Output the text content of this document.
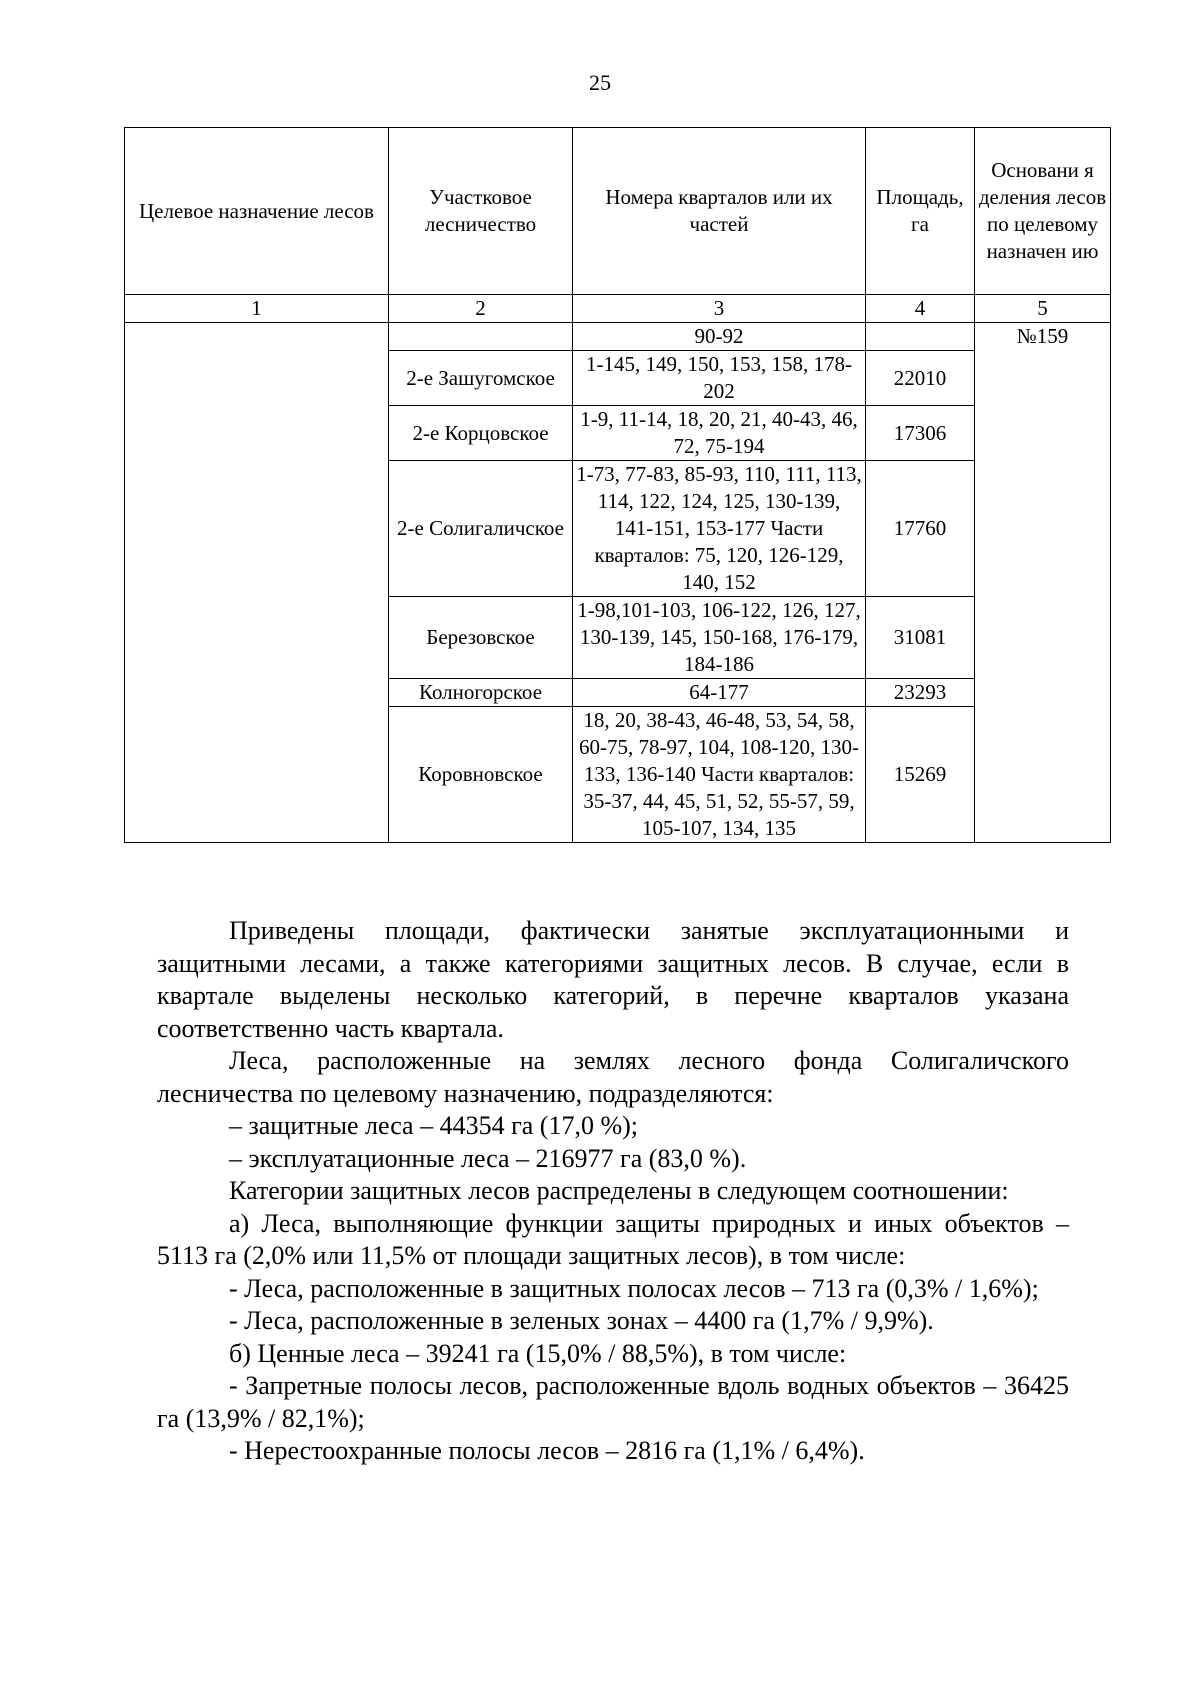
25
Целевое назначение лесов	Участковое лесничество	Номера кварталов или их частей	Площадь, га	Основани я деления лесов по целевому назначен ию
1	2	3	4	5
		90-92		№159
	2-е Зашугомское	1-145, 149, 150, 153, 158, 178-202	22010	
	2-е Корцовское	1-9, 11-14, 18, 20, 21, 40-43, 46, 72, 75-194	17306	
	2-е Солигаличское	1-73, 77-83, 85-93, 110, 111, 113, 114, 122, 124, 125, 130-139, 141-151, 153-177 Части кварталов: 75, 120, 126-129, 140, 152	17760	
	Березовское	1-98,101-103, 106-122, 126, 127, 130-139, 145, 150-168, 176-179, 184-186	31081	
	Колногорское	64-177	23293	
	Коровновское	18, 20, 38-43, 46-48, 53, 54, 58, 60-75, 78-97, 104, 108-120, 130-133, 136-140 Части кварталов: 35-37, 44, 45, 51, 52, 55-57, 59, 105-107, 134, 135	15269	

Приведены площади, фактически занятые эксплуатационными и защитными лесами, а также категориями защитных лесов. В случае, если в квартале выделены несколько категорий, в перечне кварталов указана соответственно часть квартала.

Леса, расположенные на землях лесного фонда Солигаличского лесничества по целевому назначению, подразделяются:

– защитные леса – 44354 га (17,0 %);

– эксплуатационные леса – 216977 га (83,0 %).

Категории защитных лесов распределены в следующем соотношении:

а) Леса, выполняющие функции защиты природных и иных объектов – 5113 га (2,0% или 11,5% от площади защитных лесов), в том числе:

- Леса, расположенные в защитных полосах лесов – 713 га (0,3% / 1,6%);

- Леса, расположенные в зеленых зонах – 4400 га (1,7% / 9,9%).

б) Ценные леса – 39241 га (15,0% / 88,5%), в том числе:

- Запретные полосы лесов, расположенные вдоль водных объектов – 36425 га (13,9% / 82,1%);

- Нерестоохранные полосы лесов – 2816 га (1,1% / 6,4%).
